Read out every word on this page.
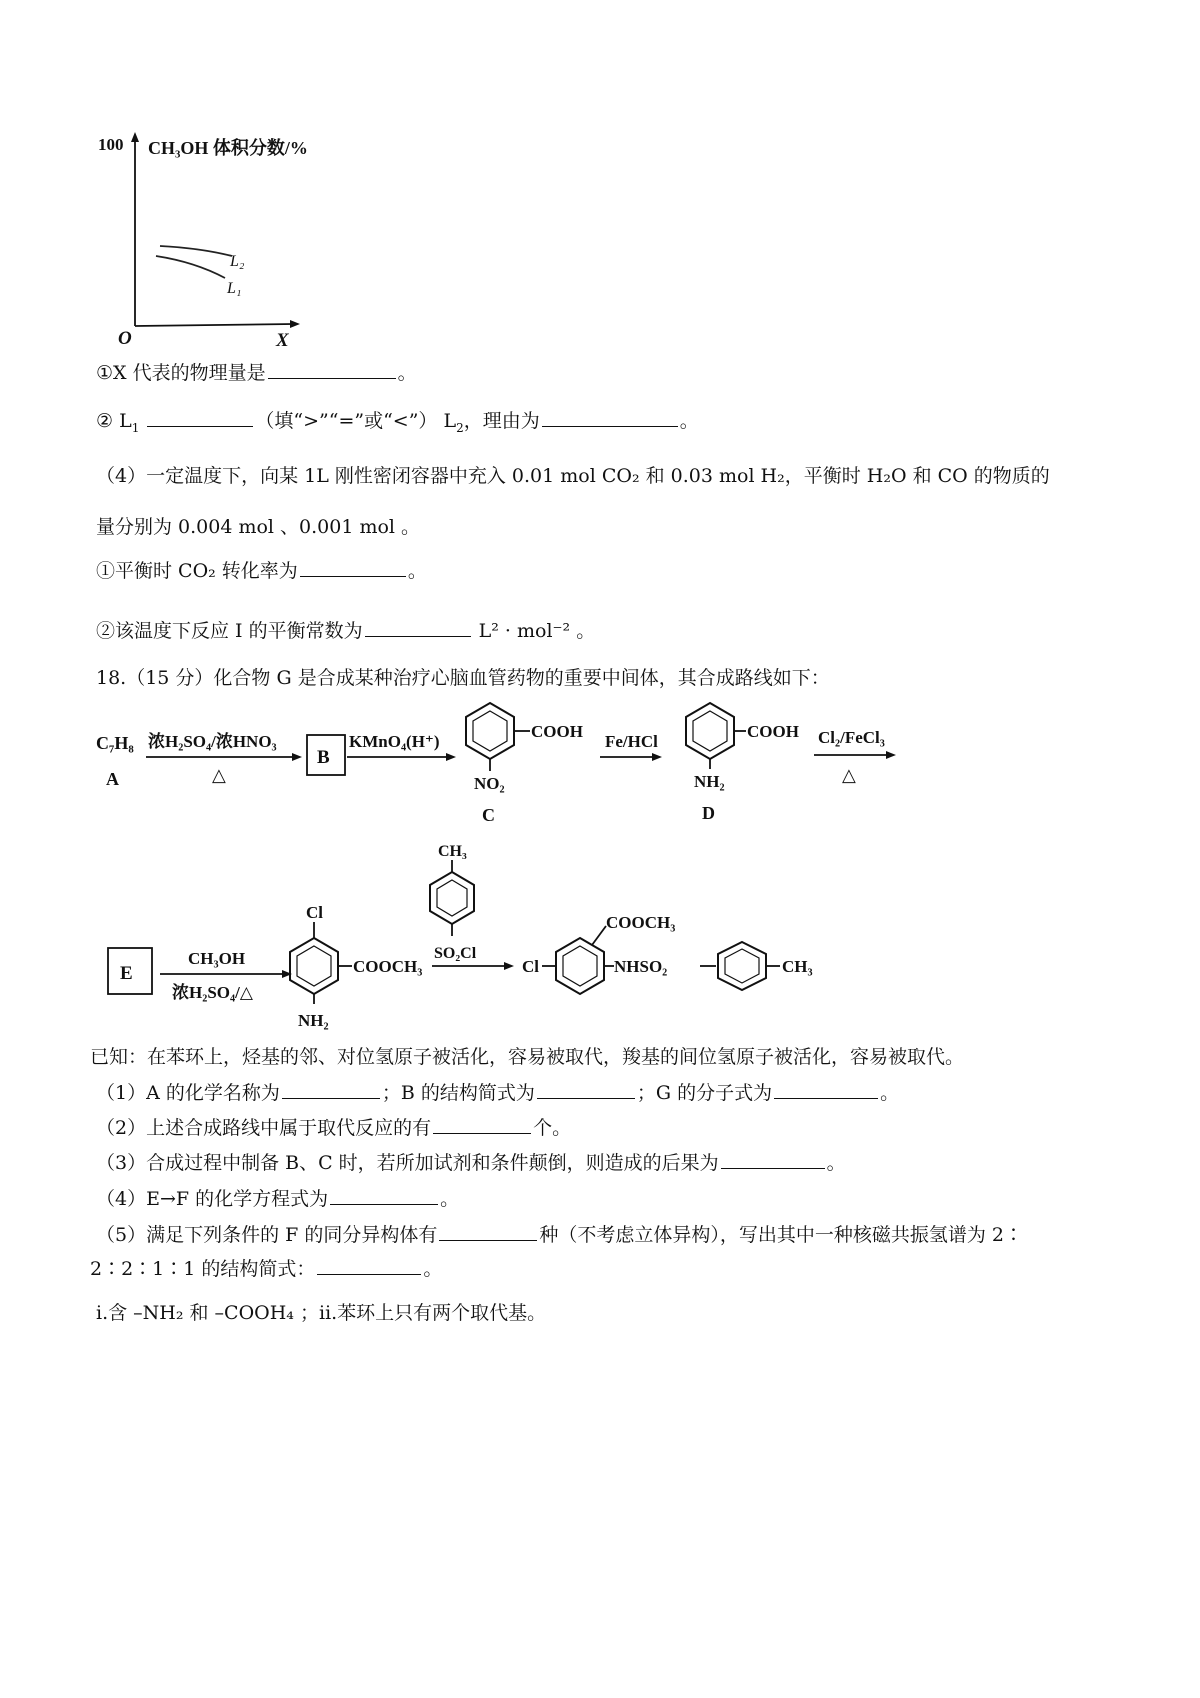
100 CH₃OH 体积分数/%
O	X
L₂
L₁
①X 代表的物理量是	。
② $L_1$	（填“>”“=”或“<”） $L_2$，理由为	。
（4）一定温度下，向某 1L 刚性密闭容器中充入 0.01 mol CO₂ 和 0.03 mol H₂，平衡时 H₂O 和 CO 的物质的
量分别为 0.004 mol 、0.001 mol 。
①平衡时 CO₂ 转化率为	。
②该温度下反应 Ⅰ 的平衡常数为	L² · mol⁻² 。
18.（15 分）化合物 G 是合成某种治疗心脑血管药物的重要中间体，其合成路线如下：
C₇H₈
A
浓H₂SO₄/浓HNO₃
△
B
KMnO₄(H⁺)
COOH
NO₂
C
Fe/HCl
COOH
NH₂
D
Cl₂/FeCl₃
△
E
CH₃OH
浓H₂SO₄/△
Cl
COOCH₃
NH₂
CH₃
SO₂Cl
Cl
COOCH₃
NHSO₂	CH₃
已知：在苯环上，烃基的邻、对位氢原子被活化，容易被取代，羧基的间位氢原子被活化，容易被取代。
（1）A 的化学名称为	；B 的结构简式为	；G 的分子式为	。
（2）上述合成路线中属于取代反应的有	个。
（3）合成过程中制备 B、C 时，若所加试剂和条件颠倒，则造成的后果为	。
（4）E→F 的化学方程式为	。
（5）满足下列条件的 F 的同分异构体有	种（不考虑立体异构），写出其中一种核磁共振氢谱为 2∶
2∶2∶1∶1 的结构简式：	。
ⅰ.含 –NH₂ 和 –COOH₄ ；ⅱ.苯环上只有两个取代基。
